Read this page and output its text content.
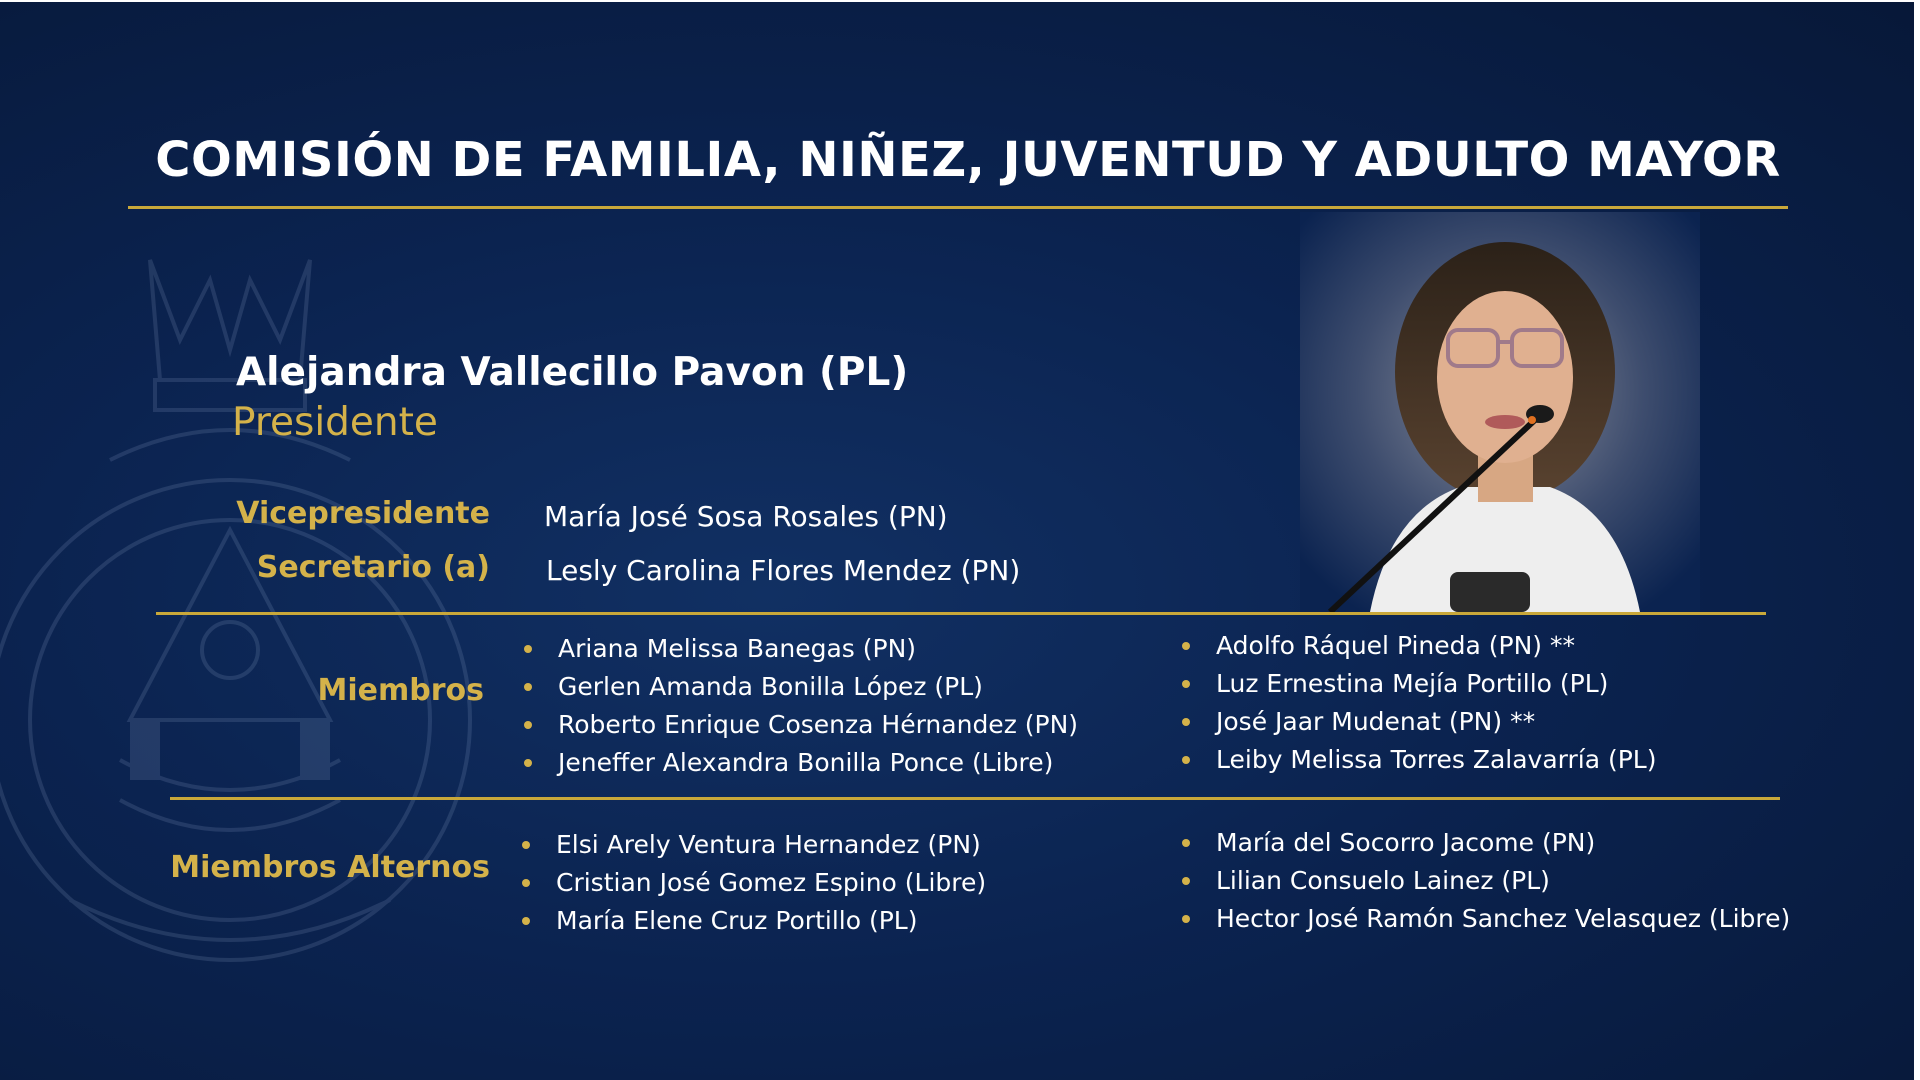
COMISIÓN DE FAMILIA, NIÑEZ, JUVENTUD Y ADULTO MAYOR
Alejandra Vallecillo Pavon (PL)
Presidente
Vicepresidente María José Sosa Rosales (PN)
Secretario (a) Lesly Carolina Flores Mendez (PN)
Miembros
Ariana Melissa Banegas (PN)
Gerlen Amanda Bonilla López (PL)
Roberto Enrique Cosenza Hérnandez (PN)
Jeneffer Alexandra Bonilla Ponce (Libre)
Adolfo Ráquel Pineda (PN) **
Luz Ernestina Mejía Portillo (PL)
José Jaar Mudenat (PN) **
Leiby Melissa Torres Zalavarría (PL)
Miembros Alternos
Elsi Arely Ventura Hernandez (PN)
Cristian José Gomez Espino (Libre)
María Elene Cruz Portillo (PL)
María del Socorro Jacome (PN)
Lilian Consuelo Lainez (PL)
Hector José Ramón Sanchez Velasquez (Libre)
